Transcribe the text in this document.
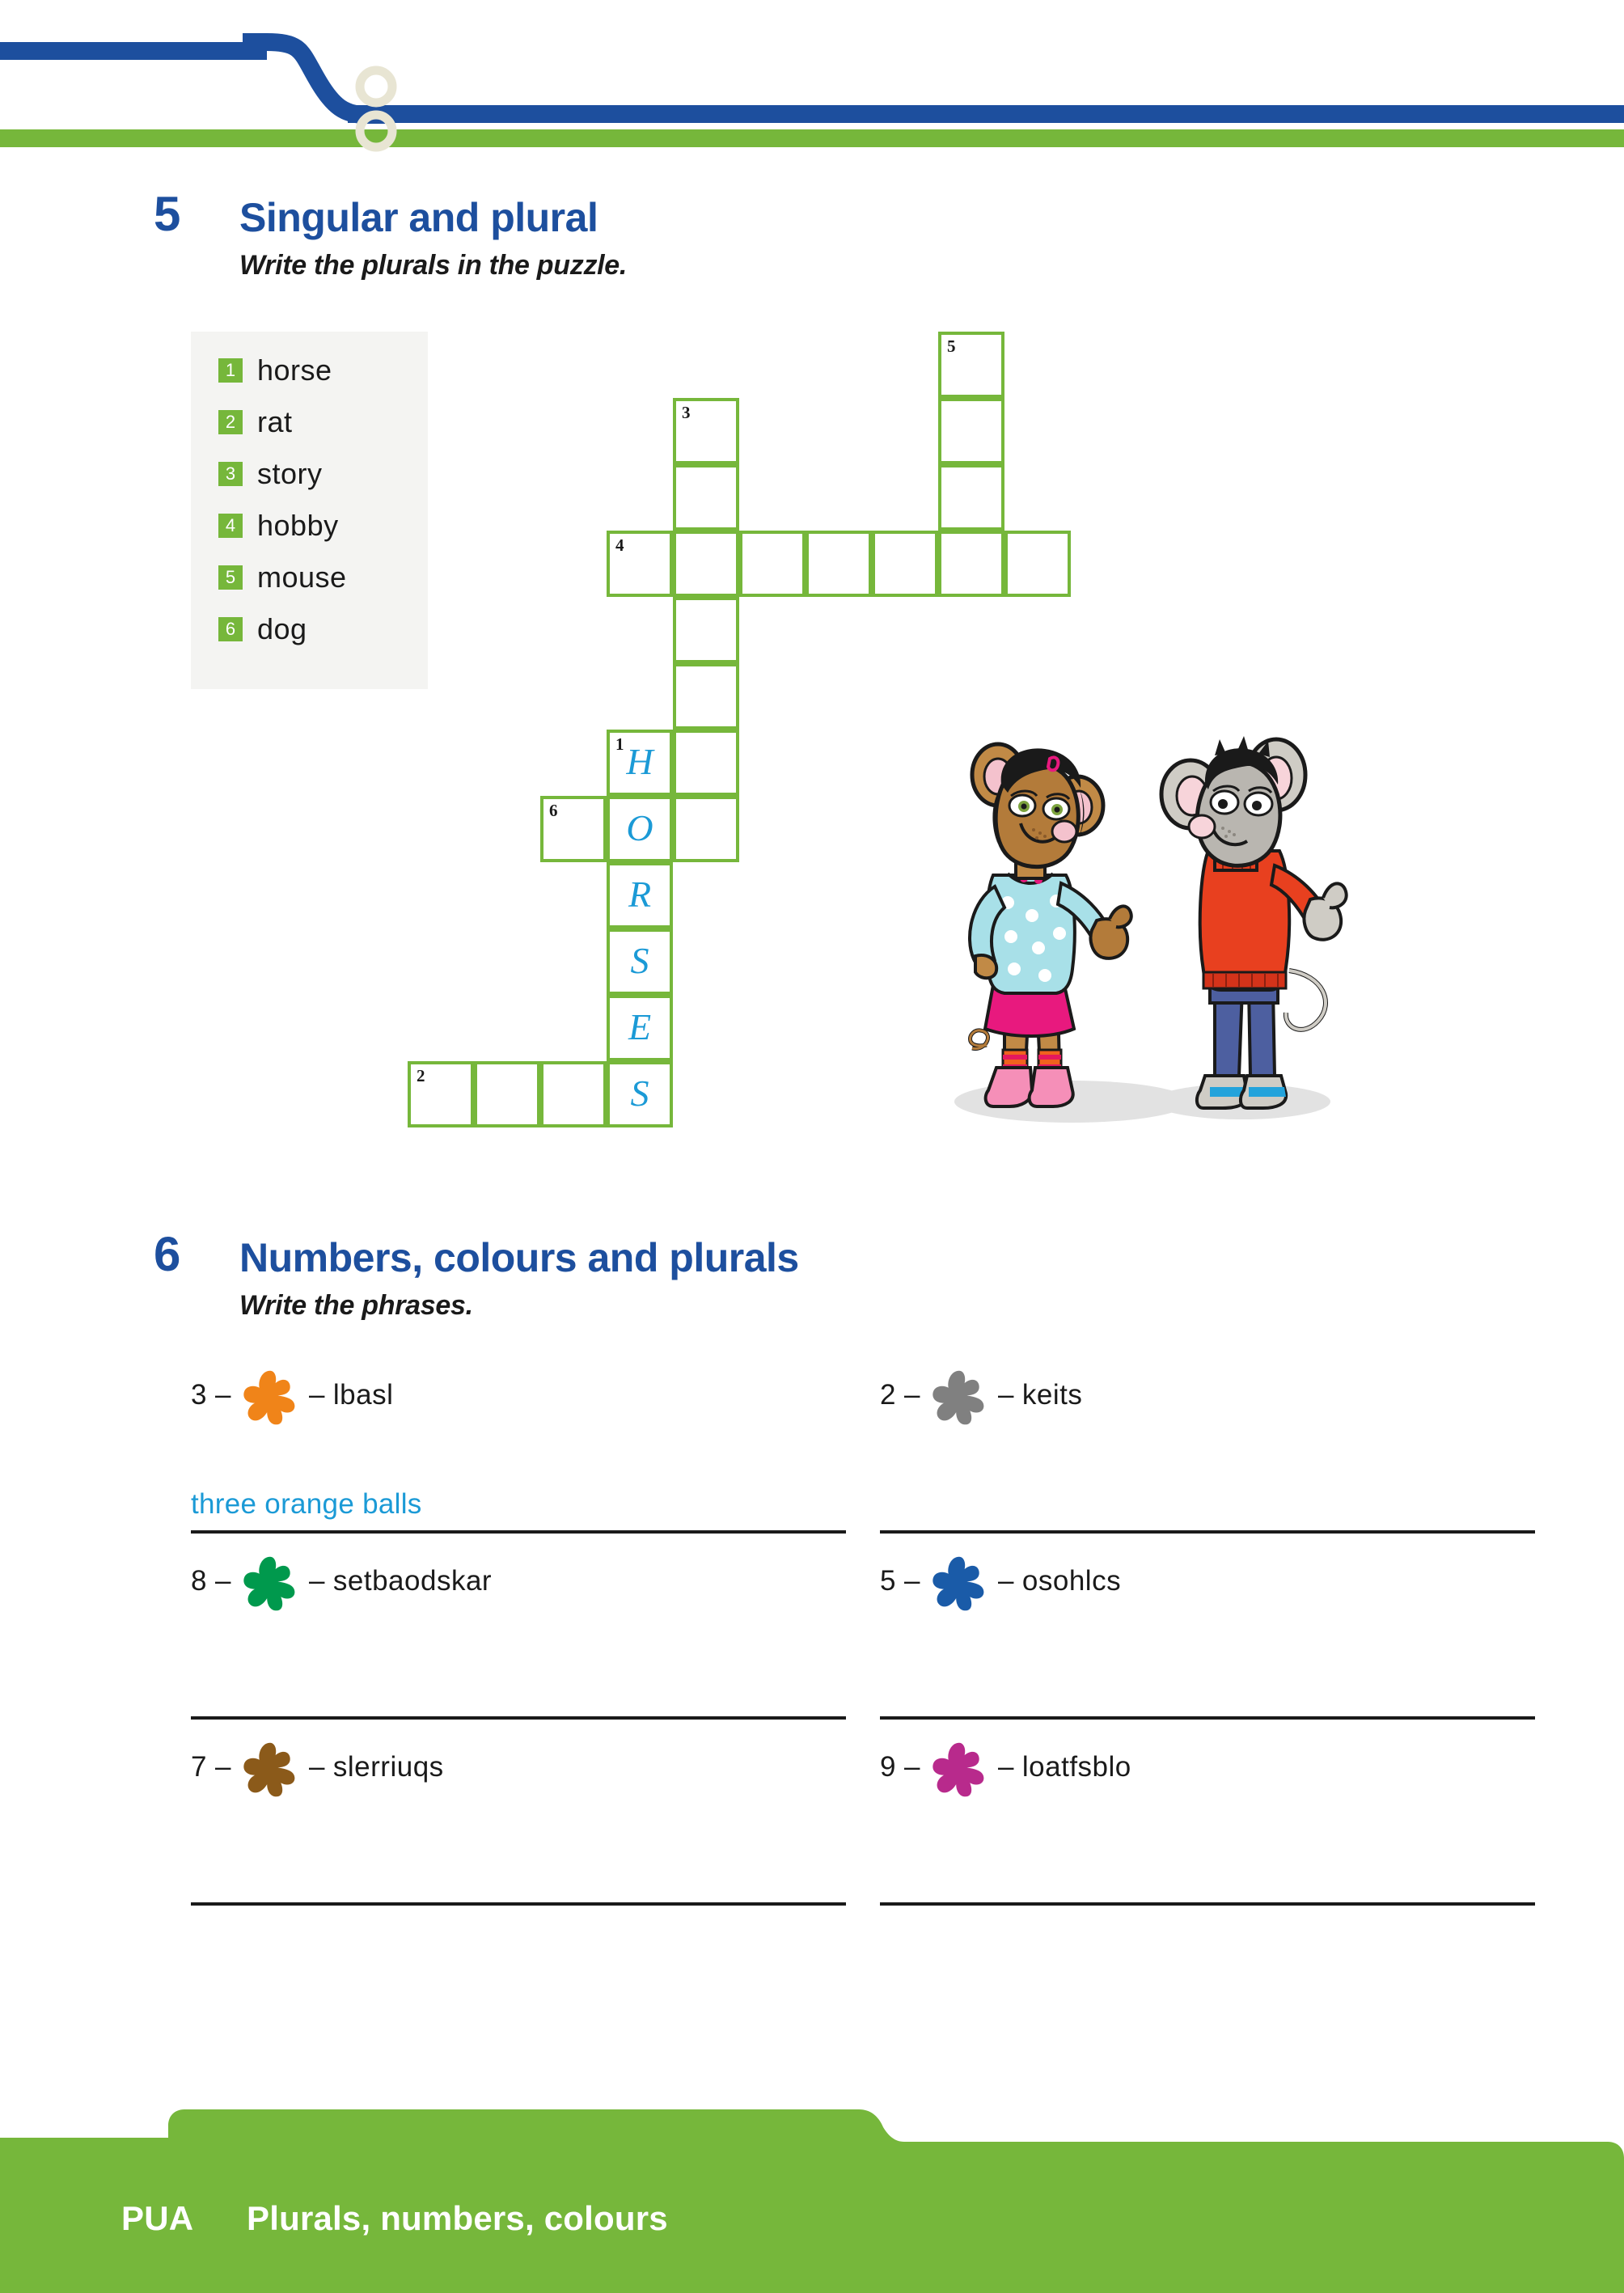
5 Singular and plural
Write the plurals in the puzzle.
1 horse
2 rat
3 story
4 hobby
5 mouse
6 dog
5
3
4
1 H
6	O
R
S
E
2	S
6 Numbers, colours and plurals
Write the phrases.
3 –	– lbasl
three orange balls
2 –	– keits
8 –	– setbaodskar	5 –	– osohlcs
7 –	– slerriuqs	9 –	– loatfsblo
PUA Plurals, numbers, colours
